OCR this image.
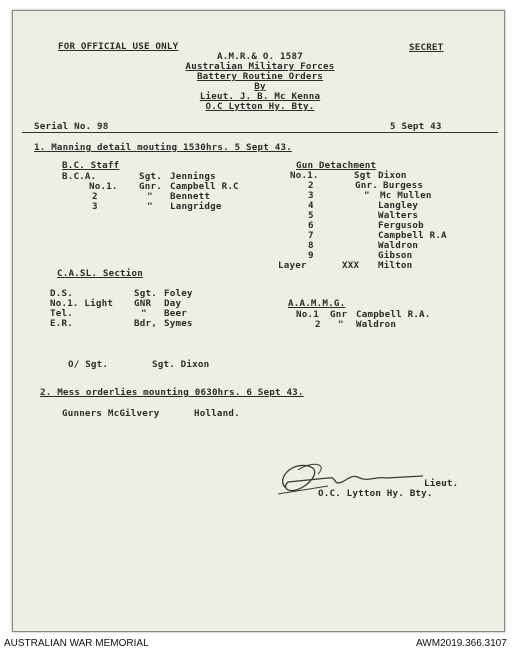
FOR OFFICIAL USE ONLY	SECRET
A.M.R.& O. 1587
Australian Military Forces
Battery Routine Orders
By
Lieut. J. B. Mc Kenna
O.C Lytton Hy. Bty.
Serial No. 98	5 Sept 43
1. Manning detail mouting 1530hrs. 5 Sept 43.
B.C. Staff
B.C.A.	Sgt. Jennings
No.1. Gnr. Campbell R.C
2	" Bennett
3	" Langridge
Gun Detachment
No.1.	Sgt Dixon
2	Gnr. Burgess
3	" Mc Mullen
4	Langley
5	Walters
6	Fergusob
7	Campbell R.A
8	Waldron
9	Gibson
Layer	XXX Milton
C.A.SL. Section
D.S.	Sgt. Foley
No.1. Light GNR Day
Tel.	" Beer
E.R.	Bdr, Symes
A.A.M.M.G.
No.1 Gnr Campbell R.A.
2 " Waldron
O/ Sgt.	Sgt. Dixon
2. Mess orderlies mounting 0630hrs. 6 Sept 43.
Gunners McGilvery	Holland.
Lieut.
O.C. Lytton Hy. Bty.
AUSTRALIAN WAR MEMORIAL	AWM2019.366.3107
